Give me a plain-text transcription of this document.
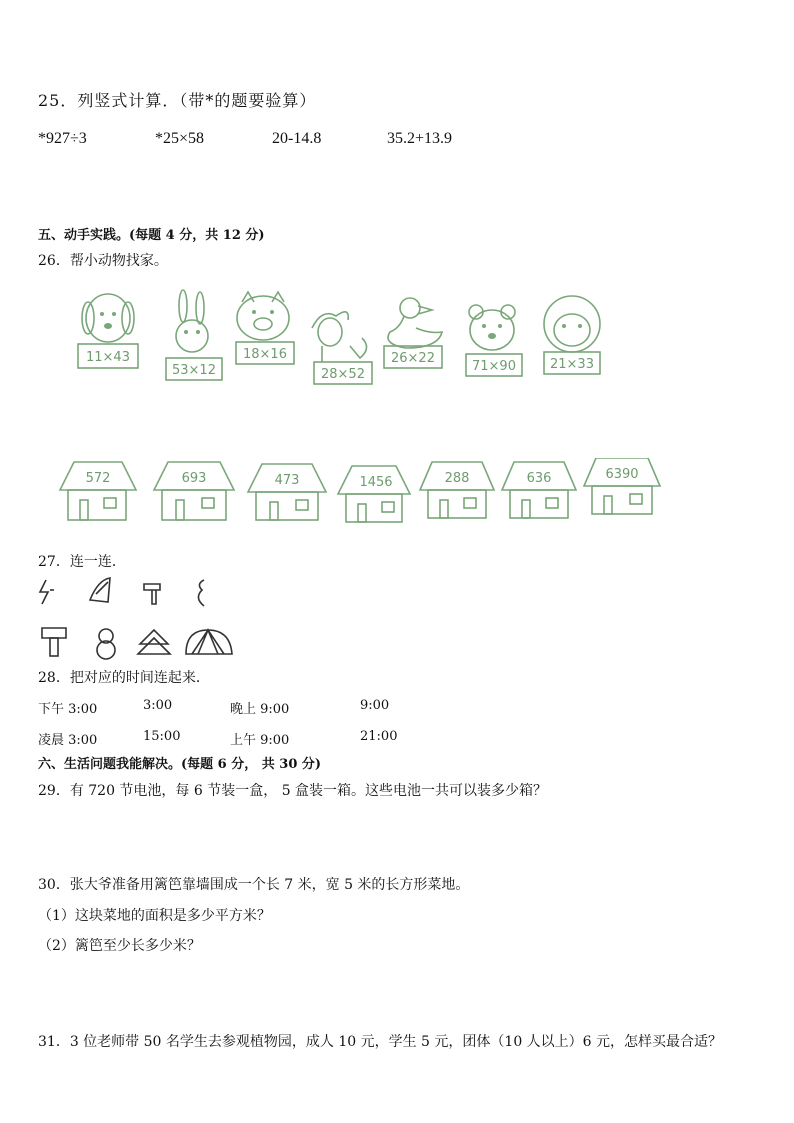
25．列竖式计算．（带*的题要验算）
*927÷3	*25×58	20-14.8	35.2+13.9
五、动手实践。(每题 4 分，共 12 分)
26．帮小动物找家。
11×43
53×12
18×16
28×52
26×22
71×90	21×33
572	693	473	1456	288	636	6390
27．连一连．
28．把对应的时间连起来．
下午 3:00	3:00	晚上 9:00	9:00
凌晨 3:00	15:00	上午 9:00	21:00
六、生活问题我能解决。(每题 6 分， 共 30 分)
29．有 720 节电池，每 6 节装一盒， 5 盒装一箱。这些电池一共可以装多少箱？
30．张大爷准备用篱笆靠墙围成一个长 7 米，宽 5 米的长方形菜地。
（1）这块菜地的面积是多少平方米？
（2）篱笆至少长多少米？
31．3 位老师带 50 名学生去参观植物园，成人 10 元，学生 5 元，团体（10 人以上）6 元，怎样买最合适？
